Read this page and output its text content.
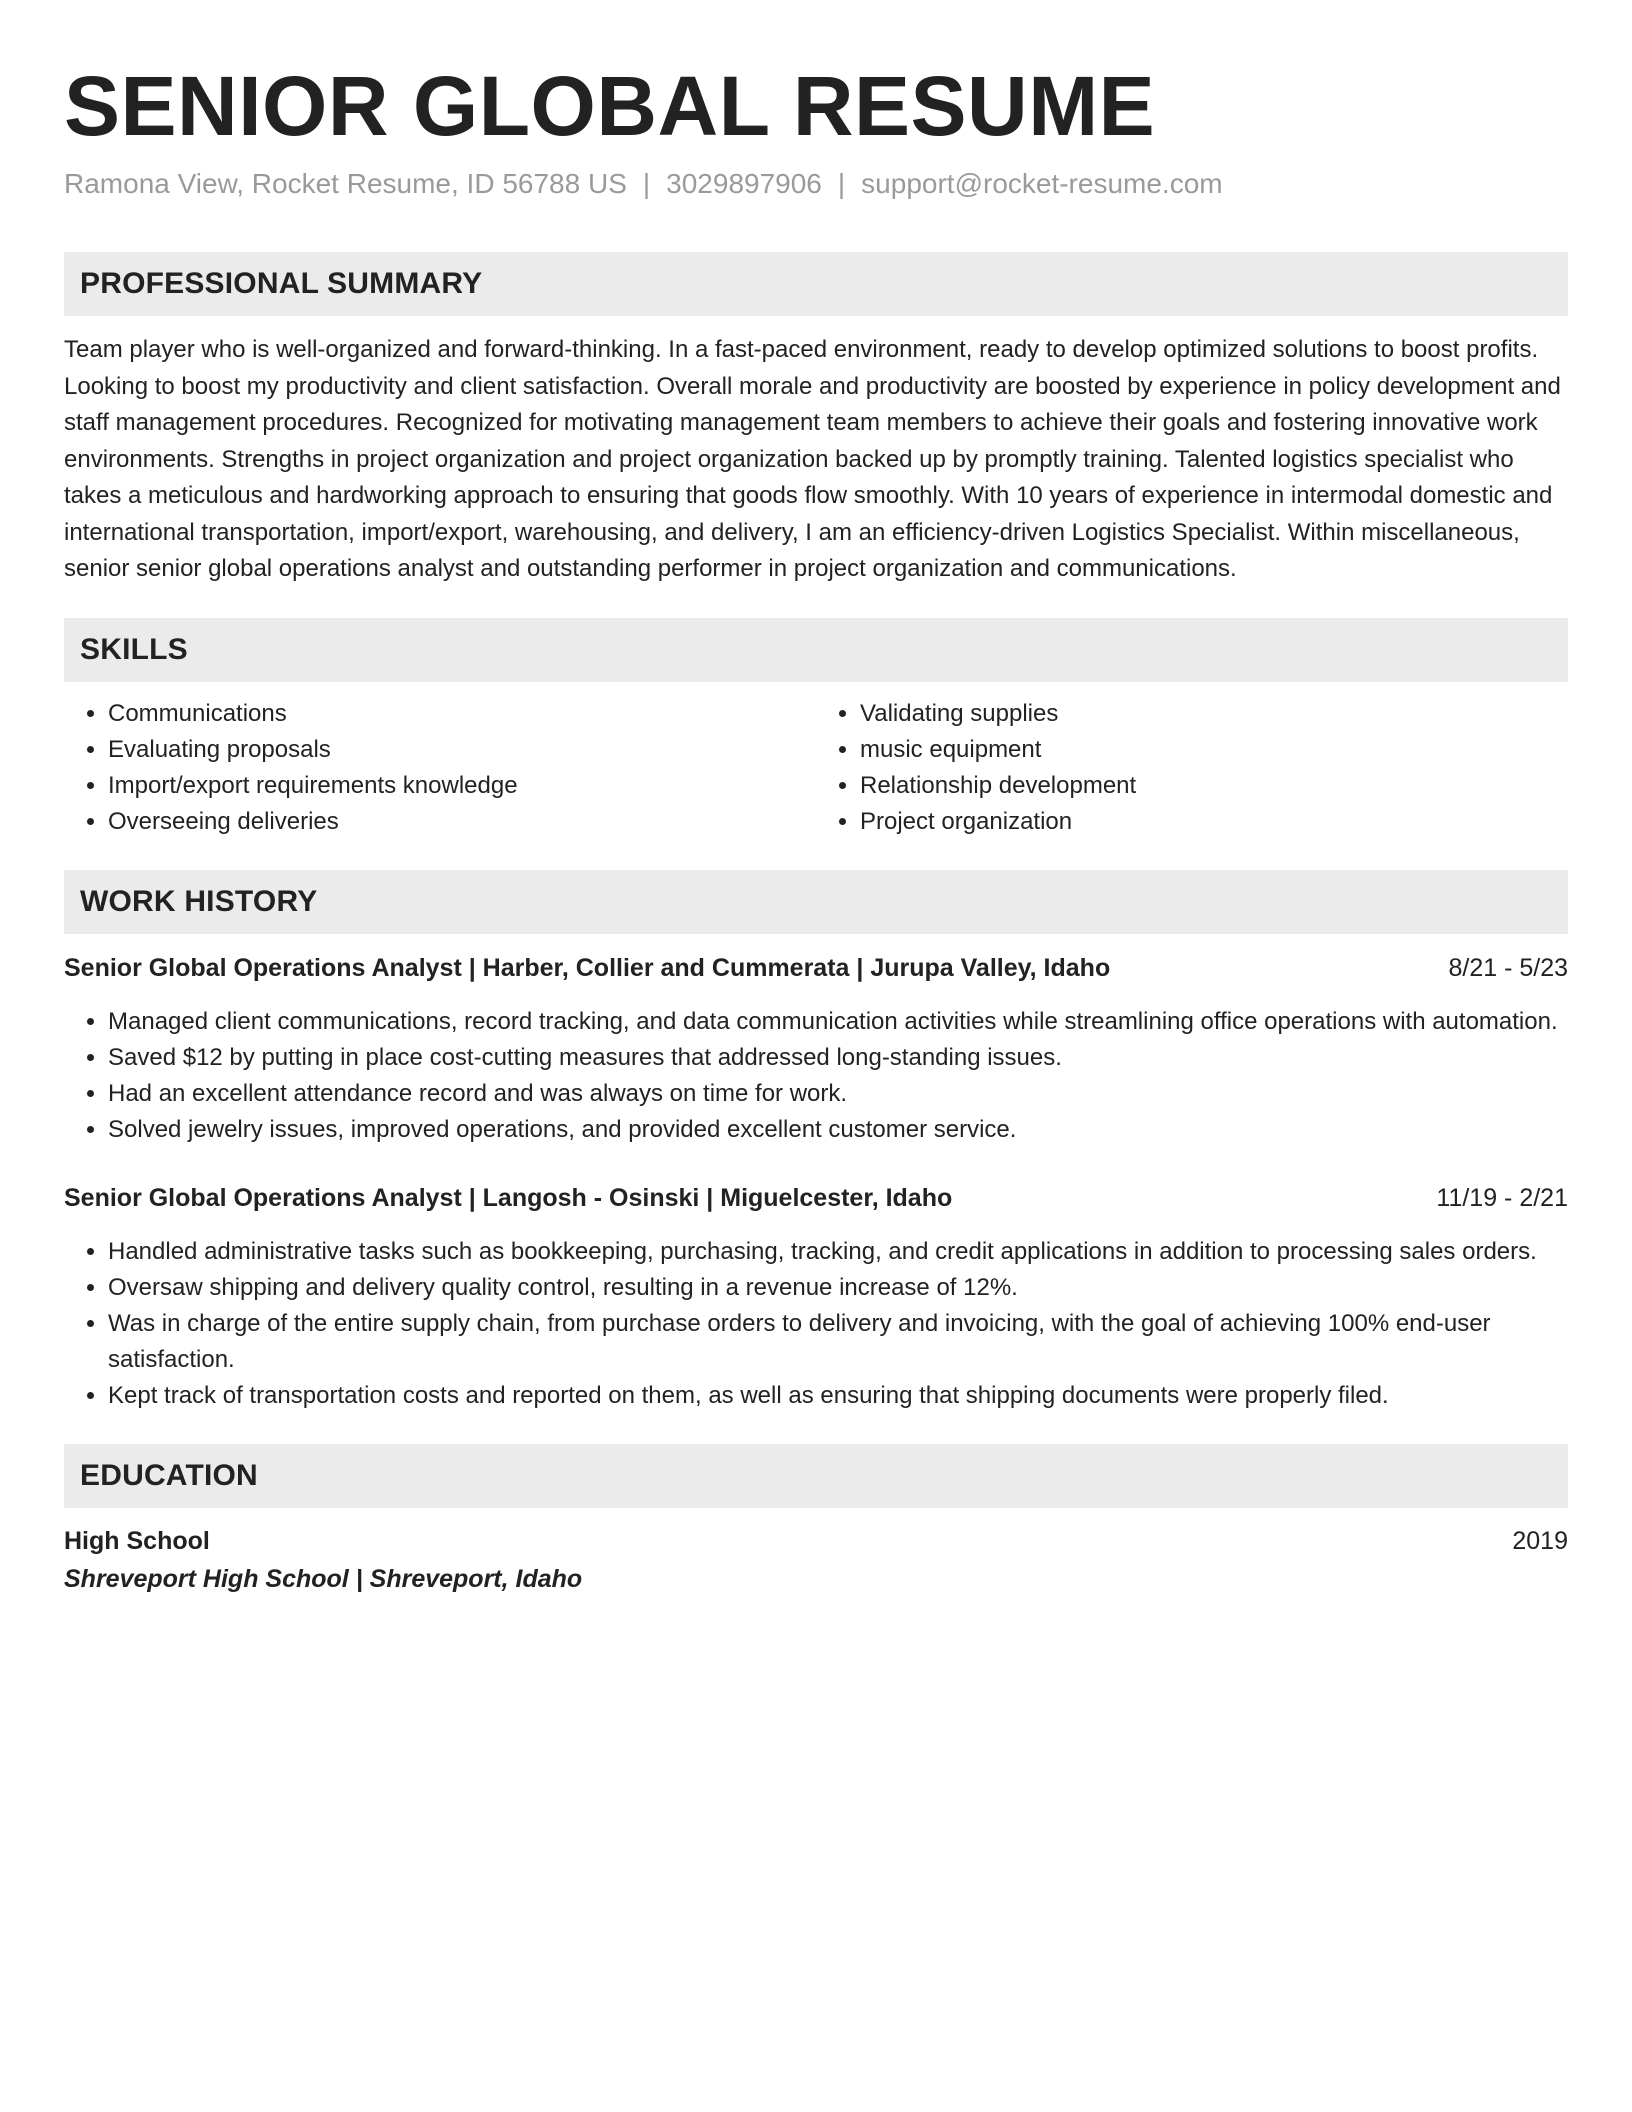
SENIOR GLOBAL RESUME
Ramona View, Rocket Resume, ID 56788 US | 3029897906 | support@rocket-resume.com
PROFESSIONAL SUMMARY

Team player who is well-organized and forward-thinking. In a fast-paced environment, ready to develop optimized solutions to boost profits. Looking to boost my productivity and client satisfaction. Overall morale and productivity are boosted by experience in policy development and staff management procedures. Recognized for motivating management team members to achieve their goals and fostering innovative work environments. Strengths in project organization and project organization backed up by promptly training. Talented logistics specialist who takes a meticulous and hardworking approach to ensuring that goods flow smoothly. With 10 years of experience in intermodal domestic and international transportation, import/export, warehousing, and delivery, I am an efficiency-driven Logistics Specialist. Within miscellaneous, senior senior global operations analyst and outstanding performer in project organization and communications.

SKILLS
• Communications
• Evaluating proposals
• Import/export requirements knowledge
• Overseeing deliveries
• Validating supplies
• music equipment
• Relationship development
• Project organization
WORK HISTORY
Senior Global Operations Analyst | Harber, Collier and Cummerata | Jurupa Valley, Idaho	8/21 - 5/23
• Managed client communications, record tracking, and data communication activities while streamlining office operations with automation.
• Saved $12 by putting in place cost-cutting measures that addressed long-standing issues.
• Had an excellent attendance record and was always on time for work.
• Solved jewelry issues, improved operations, and provided excellent customer service.
Senior Global Operations Analyst | Langosh - Osinski | Miguelcester, Idaho	11/19 - 2/21
• Handled administrative tasks such as bookkeeping, purchasing, tracking, and credit applications in addition to processing sales orders.
• Oversaw shipping and delivery quality control, resulting in a revenue increase of 12%.
• Was in charge of the entire supply chain, from purchase orders to delivery and invoicing, with the goal of achieving 100% end-user satisfaction.
• Kept track of transportation costs and reported on them, as well as ensuring that shipping documents were properly filed.
EDUCATION
High School	2019
Shreveport High School | Shreveport, Idaho
